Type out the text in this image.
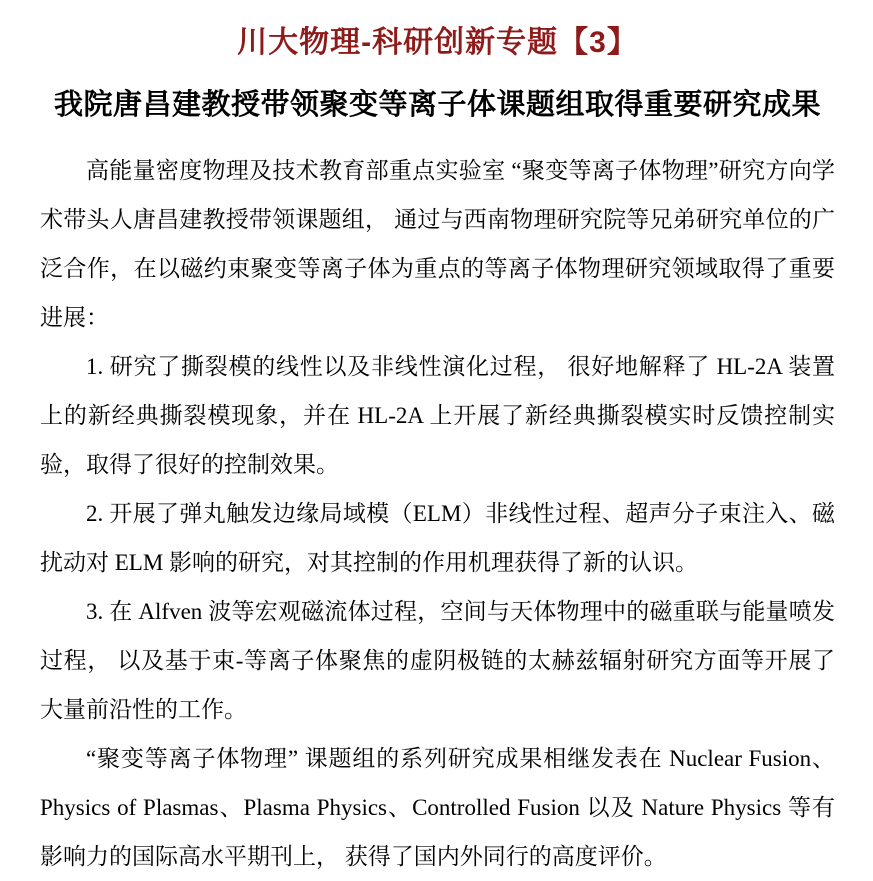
川大物理-科研创新专题【3】
我院唐昌建教授带领聚变等离子体课题组取得重要研究成果

高能量密度物理及技术教育部重点实验室 “聚变等离子体物理”研究方向学术带头人唐昌建教授带领课题组， 通过与西南物理研究院等兄弟研究单位的广泛合作，在以磁约束聚变等离子体为重点的等离子体物理研究领域取得了重要进展：

1. 研究了撕裂模的线性以及非线性演化过程， 很好地解释了 HL-2A 装置上的新经典撕裂模现象，并在 HL-2A 上开展了新经典撕裂模实时反馈控制实验，取得了很好的控制效果。

2. 开展了弹丸触发边缘局域模（ELM）非线性过程、超声分子束注入、磁扰动对 ELM 影响的研究，对其控制的作用机理获得了新的认识。

3. 在 Alfven 波等宏观磁流体过程，空间与天体物理中的磁重联与能量喷发过程， 以及基于束-等离子体聚焦的虚阴极链的太赫兹辐射研究方面等开展了大量前沿性的工作。

“聚变等离子体物理” 课题组的系列研究成果相继发表在 Nuclear Fusion、Physics of Plasmas、Plasma Physics、Controlled Fusion 以及 Nature Physics 等有影响力的国际高水平期刊上， 获得了国内外同行的高度评价。
